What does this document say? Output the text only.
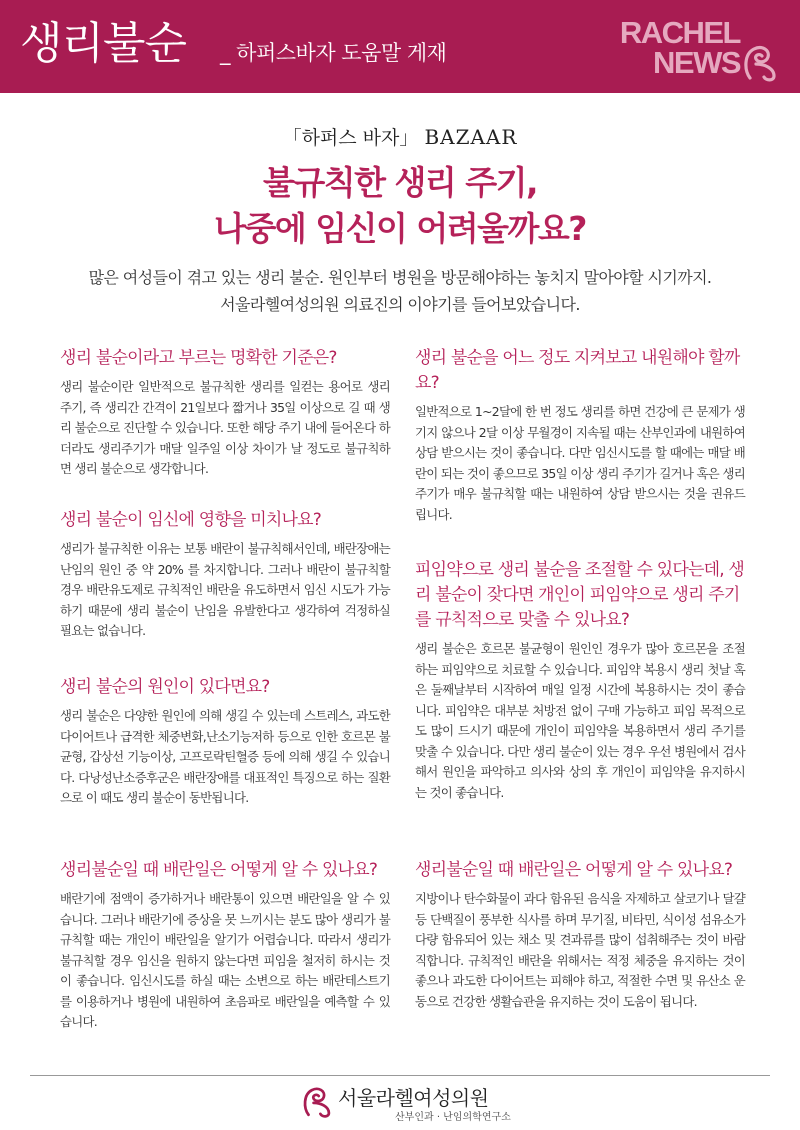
생리불순 _ 하퍼스바자 도움말 게재
RACHEL
NEWS
「하퍼스 바자」 BAZAAR
불규칙한 생리 주기,
나중에 임신이 어려울까요?
많은 여성들이 겪고 있는 생리 불순. 원인부터 병원을 방문해야하는 놓치지 말아야할 시기까지.
서울라헬여성의원 의료진의 이야기를 들어보았습니다.

생리 불순이라고 부르는 명확한 기준은?

생리 불순이란 일반적으로 불규칙한 생리를 일컫는 용어로 생리 주기, 즉 생리간 간격이 21일보다 짧거나 35일 이상으로 길 때 생리 불순으로 진단할 수 있습니다. 또한 해당 주기 내에 들어온다 하더라도 생리주기가 매달 일주일 이상 차이가 날 정도로 불규칙하면 생리 불순으로 생각합니다.

생리 불순이 임신에 영향을 미치나요?

생리가 불규칙한 이유는 보통 배란이 불규칙해서인데, 배란장애는 난임의 원인 중 약 20% 를 차지합니다. 그러나 배란이 불규칙할 경우 배란유도제로 규칙적인 배란을 유도하면서 임신 시도가 가능하기 때문에 생리 불순이 난임을 유발한다고 생각하여 걱정하실 필요는 없습니다.

생리 불순의 원인이 있다면요?

생리 불순은 다양한 원인에 의해 생길 수 있는데 스트레스, 과도한 다이어트나 급격한 체중변화,난소기능저하 등으로 인한 호르몬 불균형, 갑상선 기능이상, 고프로락틴혈증 등에 의해 생길 수 있습니다. 다낭성난소증후군은 배란장애를 대표적인 특징으로 하는 질환으로 이 때도 생리 불순이 동반됩니다.

생리불순일 때 배란일은 어떻게 알 수 있나요?

배란기에 점액이 증가하거나 배란통이 있으면 배란일을 알 수 있습니다. 그러나 배란기에 증상을 못 느끼시는 분도 많아 생리가 불규칙할 때는 개인이 배란일을 알기가 어렵습니다. 따라서 생리가 불규칙할 경우 임신을 원하지 않는다면 피임을 철저히 하시는 것이 좋습니다. 임신시도를 하실 때는 소변으로 하는 배란테스트기를 이용하거나 병원에 내원하여 초음파로 배란일을 예측할 수 있습니다.

생리 불순을 어느 정도 지켜보고 내원해야 할까요?

일반적으로 1~2달에 한 번 정도 생리를 하면 건강에 큰 문제가 생기지 않으나 2달 이상 무월경이 지속될 때는 산부인과에 내원하여 상담 받으시는 것이 좋습니다. 다만 임신시도를 할 때에는 매달 배란이 되는 것이 좋으므로 35일 이상 생리 주기가 길거나 혹은 생리 주기가 매우 불규칙할 때는 내원하여 상담 받으시는 것을 권유드립니다.

피임약으로 생리 불순을 조절할 수 있다는데, 생리 불순이 잦다면 개인이 피임약으로 생리 주기를 규칙적으로 맞출 수 있나요?

생리 불순은 호르몬 불균형이 원인인 경우가 많아 호르몬을 조절하는 피임약으로 치료할 수 있습니다. 피임약 복용시 생리 첫날 혹은 둘째날부터 시작하여 매일 일정 시간에 복용하시는 것이 좋습니다. 피임약은 대부분 처방전 없이 구매 가능하고 피임 목적으로도 많이 드시기 때문에 개인이 피임약을 복용하면서 생리 주기를 맞출 수 있습니다. 다만 생리 불순이 있는 경우 우선 병원에서 검사해서 원인을 파악하고 의사와 상의 후 개인이 피임약을 유지하시는 것이 좋습니다.

생리불순일 때 배란일은 어떻게 알 수 있나요?

지방이나 탄수화물이 과다 함유된 음식을 자제하고 살코기나 달걀 등 단백질이 풍부한 식사를 하며 무기질, 비타민, 식이성 섬유소가 다량 함유되어 있는 채소 및 견과류를 많이 섭취해주는 것이 바람직합니다. 규칙적인 배란을 위해서는 적정 체중을 유지하는 것이 좋으나 과도한 다이어트는 피해야 하고, 적절한 수면 및 유산소 운동으로 건강한 생활습관을 유지하는 것이 도움이 됩니다.

서울라헬여성의원
산부인과 · 난임의학연구소
